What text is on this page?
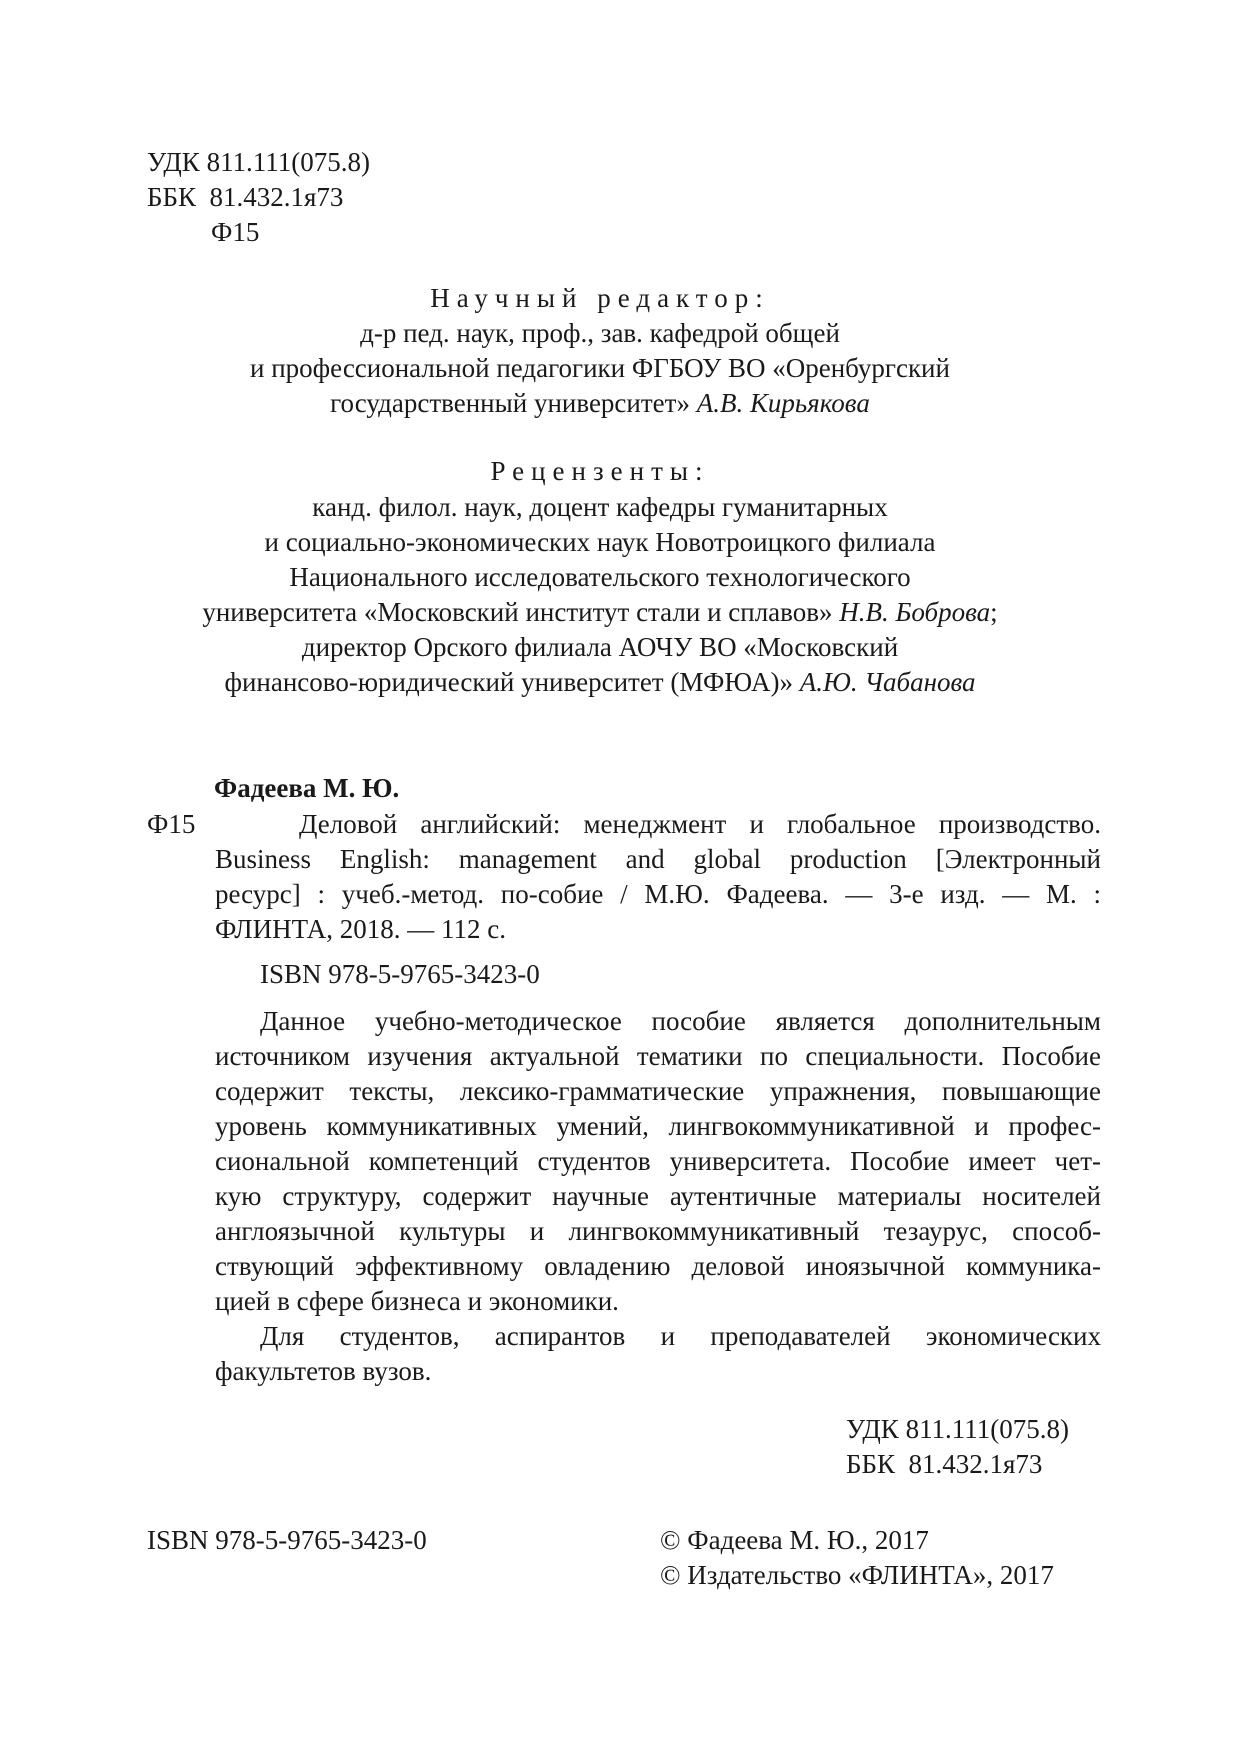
УДК 811.111(075.8)
ББК  81.432.1я73
Ф15
Научный редактор:
д-р пед. наук, проф., зав. кафедрой общей
и профессиональной педагогики ФГБОУ ВО «Оренбургский
государственный университет» А.В. Кирьякова
Рецензенты:
канд. филол. наук, доцент кафедры гуманитарных
и социально-экономических наук Новотроицкого филиала
Национального исследовательского технологического
университета «Московский институт стали и сплавов» Н.В. Боброва;
директор Орского филиала АОЧУ ВО «Московский
финансово-юридический университет (МФЮА)» А.Ю. Чабанова
Фадеева М. Ю.
Ф15	Деловой английский: менеджмент и глобальное производство.
Business English: management and global production [Электронный
ресурс] : учеб.-метод. по-собие / М.Ю. Фадеева. — 3-е изд. — М. :
ФЛИНТА, 2018. — 112 с.
ISBN 978-5-9765-3423-0
Данное учебно-методическое пособие является дополнительным
источником изучения актуальной тематики по специальности. Пособие
содержит тексты, лексико-грамматические упражнения, повышающие
уровень коммуникативных умений, лингвокоммуникативной и профес-
сиональной компетенций студентов университета. Пособие имеет чет-
кую структуру, содержит научные аутентичные материалы носителей
англоязычной культуры и лингвокоммуникативный тезаурус, способ-
ствующий эффективному овладению деловой иноязычной коммуника-
цией в сфере бизнеса и экономики.
Для студентов, аспирантов и преподавателей экономических
факультетов вузов.
УДК 811.111(075.8)
ББК  81.432.1я73
ISBN 978-5-9765-3423-0	© Фадеева М. Ю., 2017
© Издательство «ФЛИНТА», 2017
